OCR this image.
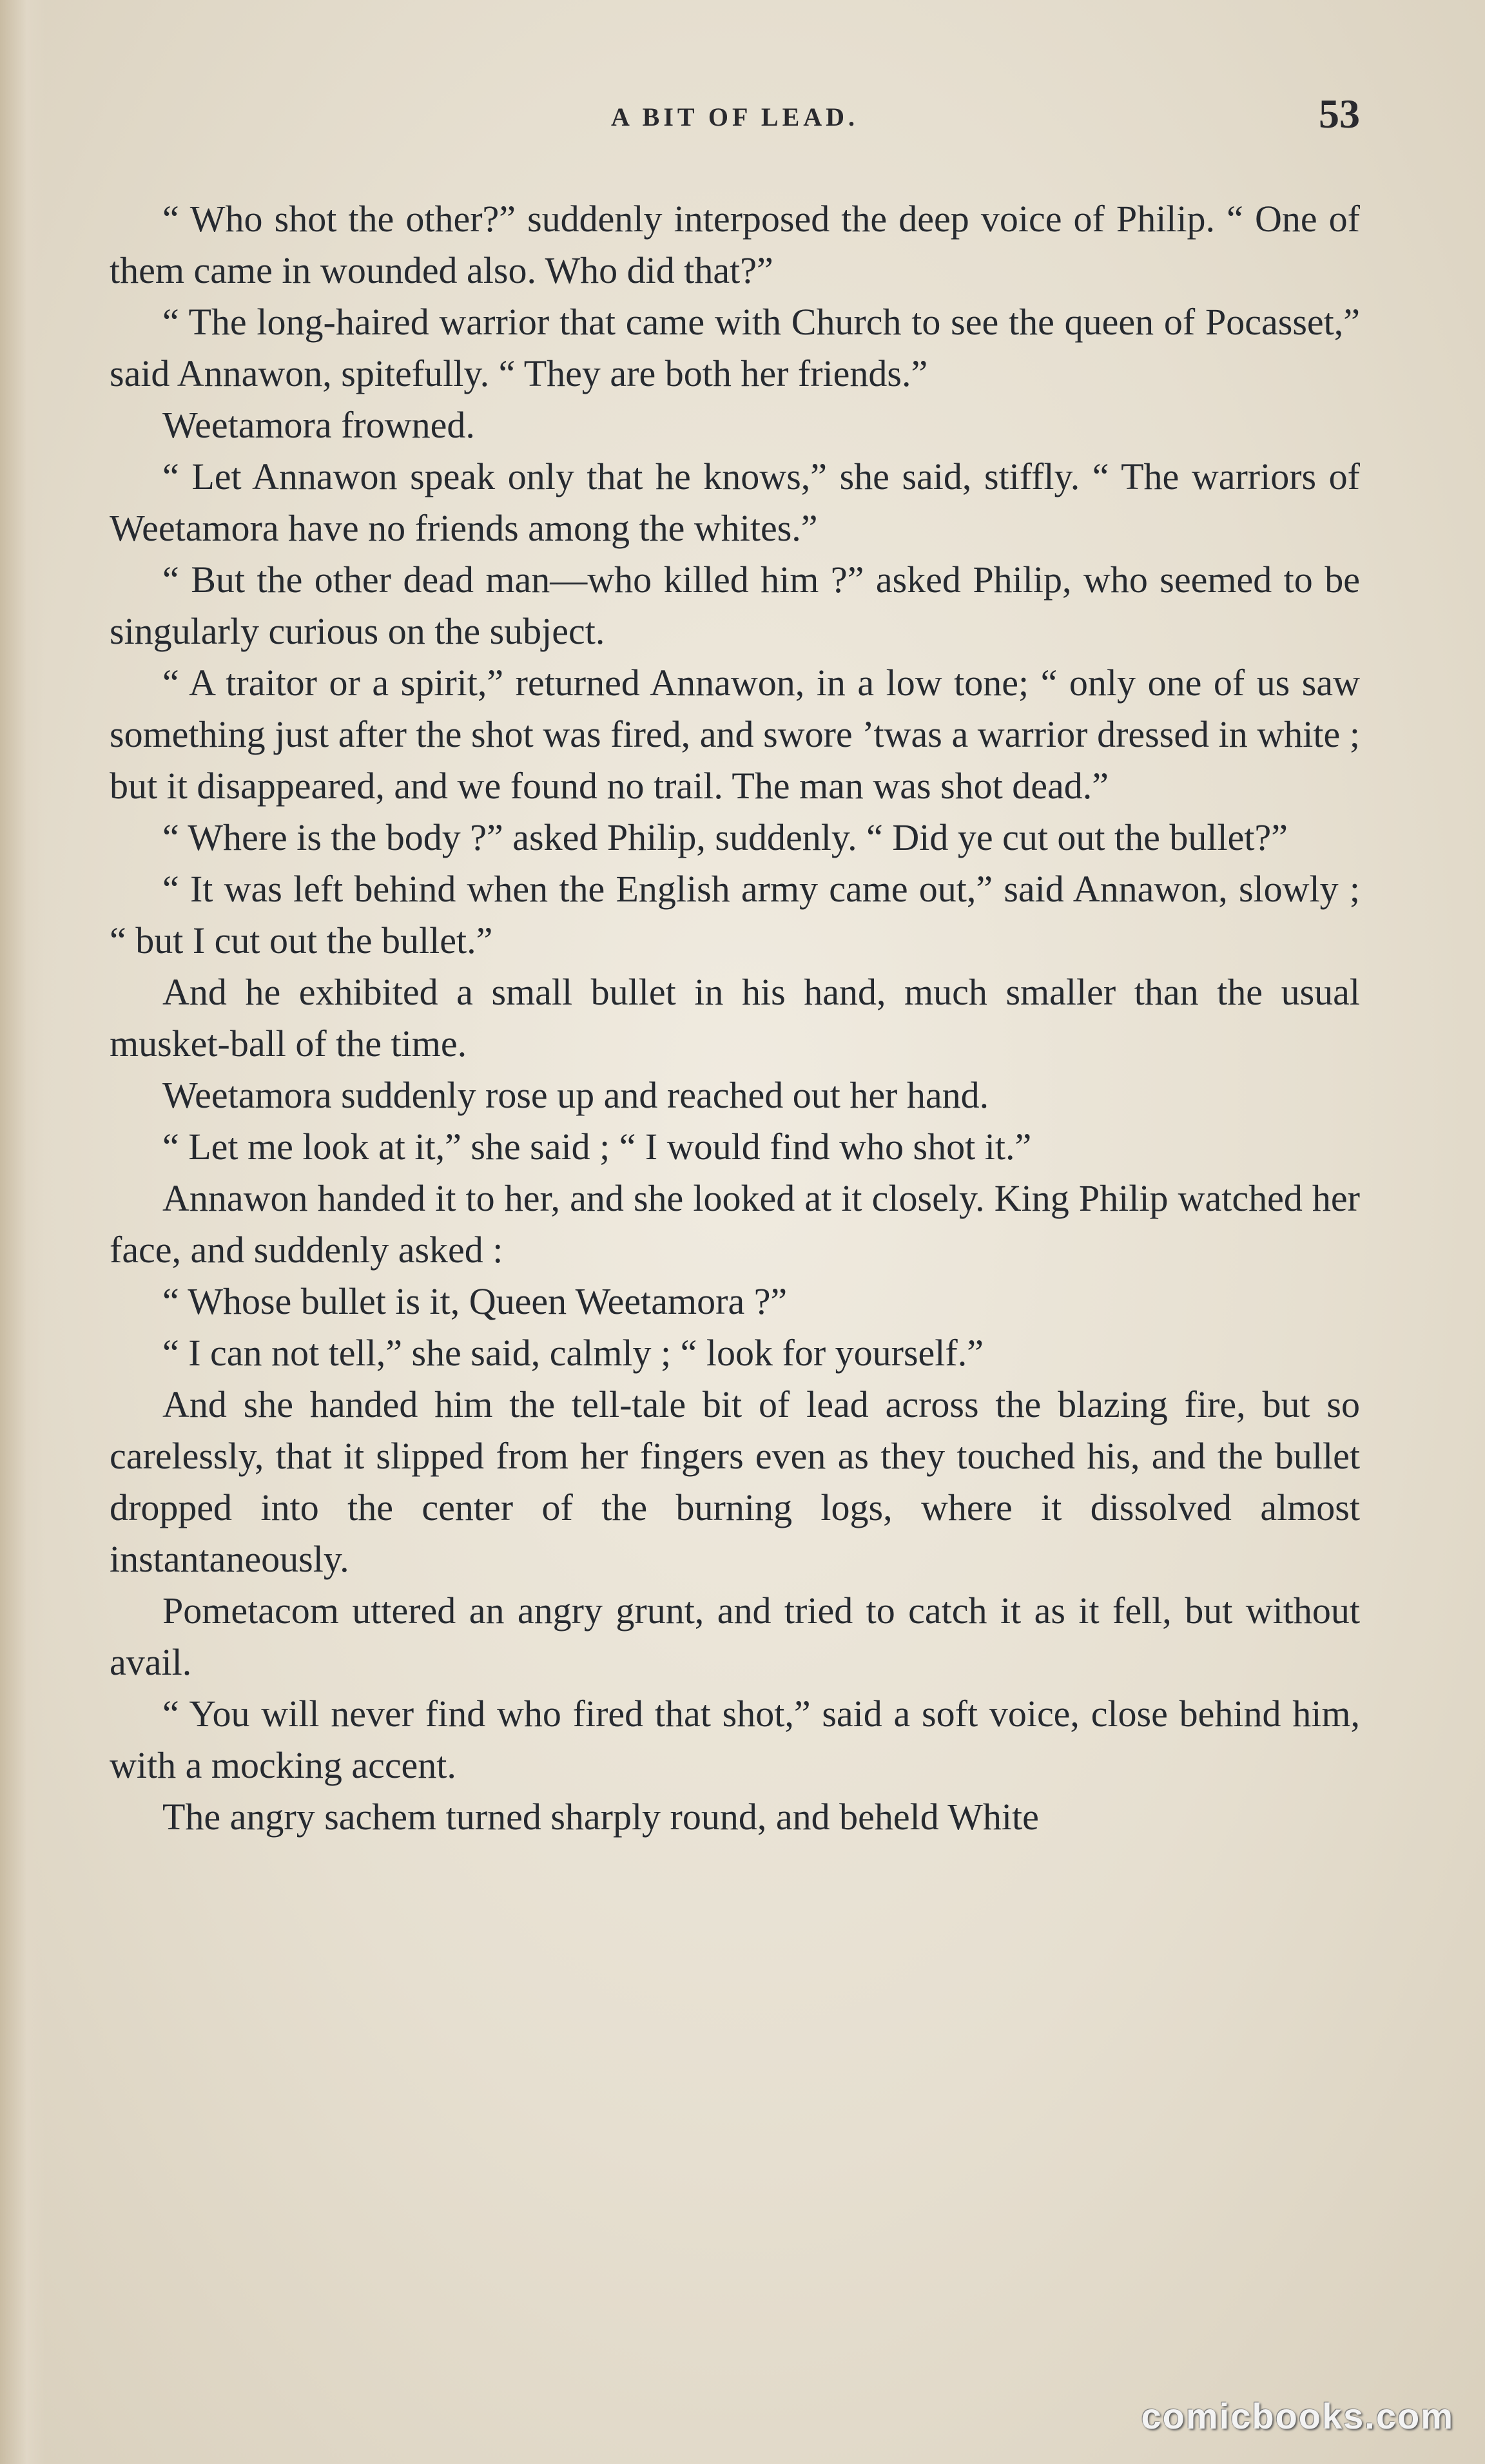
A BIT OF LEAD.	53

“ Who shot the other?” suddenly interposed the deep voice of Philip. “ One of them came in wounded also. Who did that?”

“ The long-haired warrior that came with Church to see the queen of Pocasset,” said Annawon, spitefully. “ They are both her friends.”

Weetamora frowned.

“ Let Annawon speak only that he knows,” she said, stiffly. “ The warriors of Weetamora have no friends among the whites.”

“ But the other dead man—who killed him ?” asked Philip, who seemed to be singularly curious on the subject.

“ A traitor or a spirit,” returned Annawon, in a low tone; “ only one of us saw something just after the shot was fired, and swore ’twas a warrior dressed in white ; but it disappeared, and we found no trail. The man was shot dead.”

“ Where is the body ?” asked Philip, suddenly. “ Did ye cut out the bullet?”

“ It was left behind when the English army came out,” said Annawon, slowly ; “ but I cut out the bullet.”

And he exhibited a small bullet in his hand, much smaller than the usual musket-ball of the time.

Weetamora suddenly rose up and reached out her hand.

“ Let me look at it,” she said ; “ I would find who shot it.”

Annawon handed it to her, and she looked at it closely. King Philip watched her face, and suddenly asked :

“ Whose bullet is it, Queen Weetamora ?”

“ I can not tell,” she said, calmly ; “ look for yourself.”

And she handed him the tell-tale bit of lead across the blazing fire, but so carelessly, that it slipped from her fingers even as they touched his, and the bullet dropped into the center of the burning logs, where it dissolved almost instantaneously.

Pometacom uttered an angry grunt, and tried to catch it as it fell, but without avail.

“ You will never find who fired that shot,” said a soft voice, close behind him, with a mocking accent.

The angry sachem turned sharply round, and beheld White

comicbooks.com
